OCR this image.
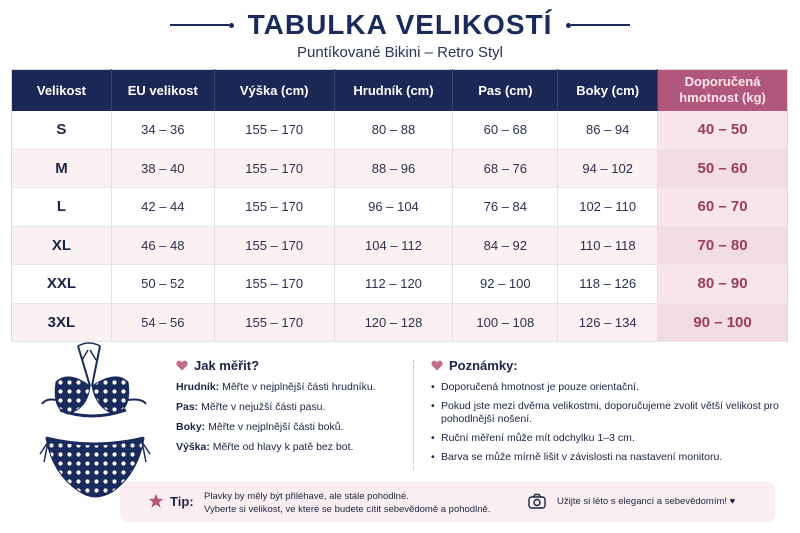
TABULKA VELIKOSTÍ
Puntíkované Bikini – Retro Styl
Velikost	EU velikost	Výška (cm)	Hrudník (cm)	Pas (cm)	Boky (cm)	Doporučená hmotnost (kg)
S	34 – 36	155 – 170	80 – 88	60 – 68	86 – 94	40 – 50
M	38 – 40	155 – 170	88 – 96	68 – 76	94 – 102	50 – 60
L	42 – 44	155 – 170	96 – 104	76 – 84	102 – 110	60 – 70
XL	46 – 48	155 – 170	104 – 112	84 – 92	110 – 118	70 – 80
XXL	50 – 52	155 – 170	112 – 120	92 – 100	118 – 126	80 – 90
3XL	54 – 56	155 – 170	120 – 128	100 – 108	126 – 134	90 – 100
Jak měřit?
Hrudník: Měřte v nejplnější části hrudníku.
Pas: Měřte v nejužší části pasu.
Boky: Měřte v nejplnější části boků.
Výška: Měřte od hlavy k patě bez bot.
Poznámky:
• Doporučená hmotnost je pouze orientační.
• Pokud jste mezi dvěma velikostmi, doporučujeme zvolit větší velikost pro pohodlnější nošení.
• Ruční měření může mít odchylku 1–3 cm.
• Barva se může mírně lišit v závislosti na nastavení monitoru.
Tip: Plavky by měly být přiléhavé, ale stále pohodlné.
Vyberte si velikost, ve které se budete cítit sebevědomě a pohodlně.
Užijte si léto s elegancí a sebevědomím! ♥
